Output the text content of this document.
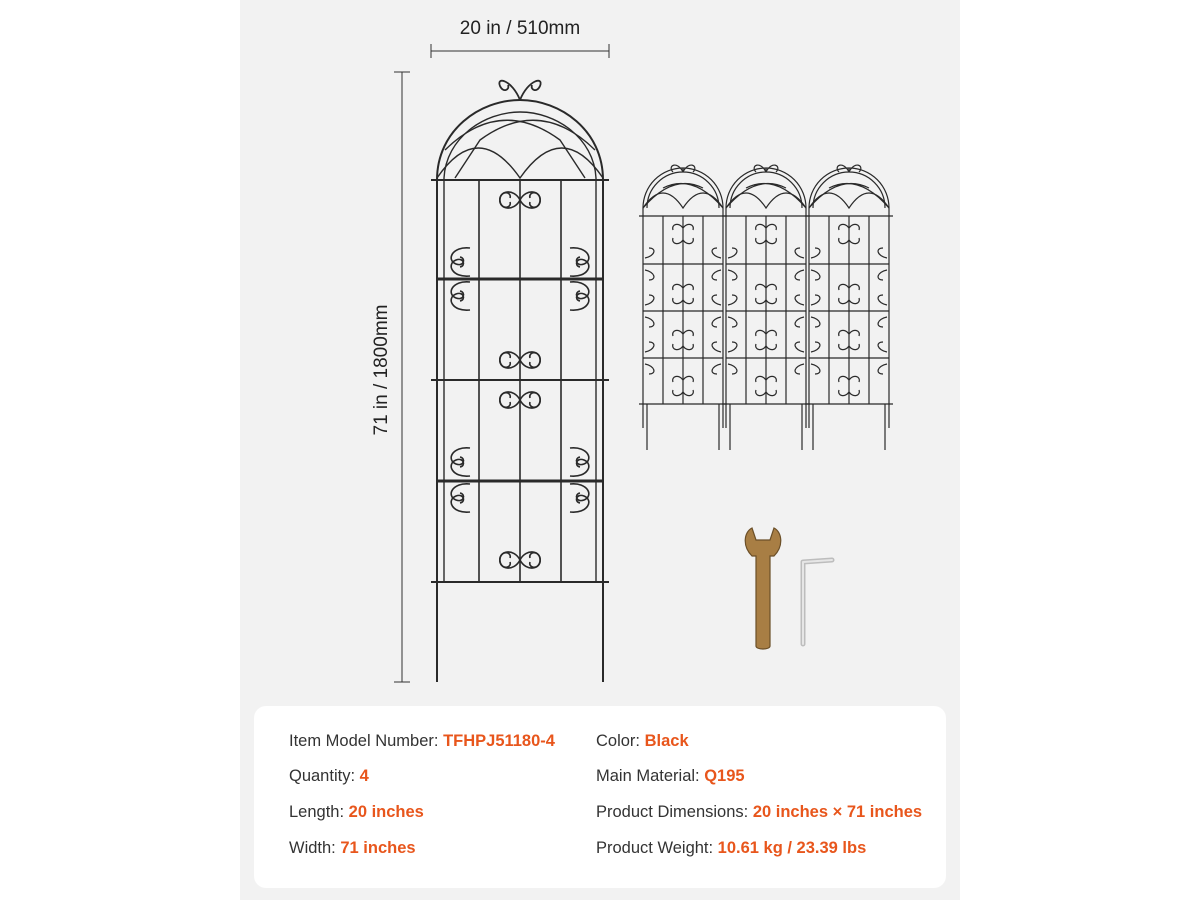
20 in / 510mm
71 in / 1800mm
Item Model Number: TFHPJ51180-4
Quantity: 4
Length: 20 inches
Width: 71 inches
Color: Black
Main Material: Q195
Product Dimensions: 20 inches × 71 inches
Product Weight: 10.61 kg / 23.39 lbs
